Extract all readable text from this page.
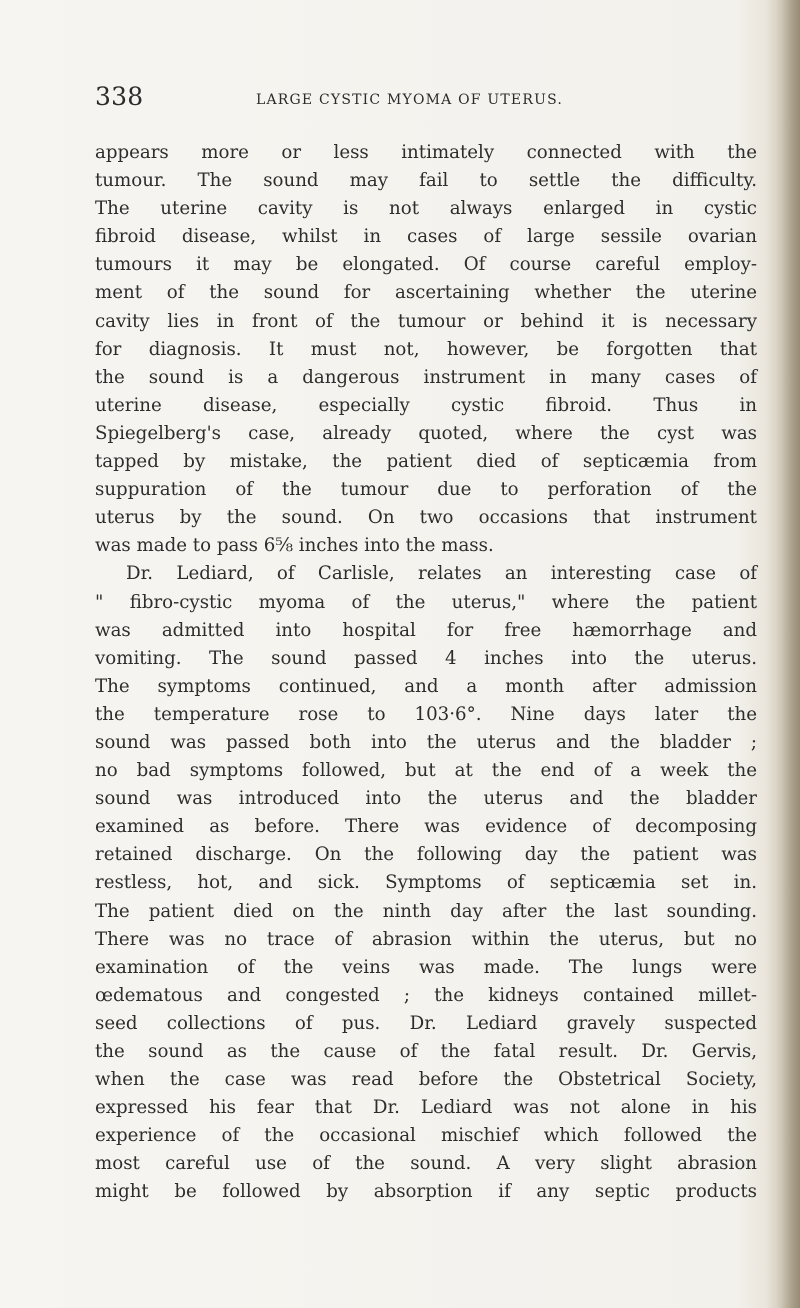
338	LARGE CYSTIC MYOMA OF UTERUS.
appears more or less intimately connected with the
tumour. The sound may fail to settle the difficulty.
The uterine cavity is not always enlarged in cystic
fibroid disease, whilst in cases of large sessile ovarian
tumours it may be elongated. Of course careful employ-
ment of the sound for ascertaining whether the uterine
cavity lies in front of the tumour or behind it is necessary
for diagnosis. It must not, however, be forgotten that
the sound is a dangerous instrument in many cases of
uterine disease, especially cystic fibroid. Thus in
Spiegelberg's case, already quoted, where the cyst was
tapped by mistake, the patient died of septicæmia from
suppuration of the tumour due to perforation of the
uterus by the sound. On two occasions that instrument
was made to pass 6⅝ inches into the mass.
Dr. Lediard, of Carlisle, relates an interesting case of
" fibro-cystic myoma of the uterus," where the patient
was admitted into hospital for free hæmorrhage and
vomiting. The sound passed 4 inches into the uterus.
The symptoms continued, and a month after admission
the temperature rose to 103·6°. Nine days later the
sound was passed both into the uterus and the bladder ;
no bad symptoms followed, but at the end of a week the
sound was introduced into the uterus and the bladder
examined as before. There was evidence of decomposing
retained discharge. On the following day the patient was
restless, hot, and sick. Symptoms of septicæmia set in.
The patient died on the ninth day after the last sounding.
There was no trace of abrasion within the uterus, but no
examination of the veins was made. The lungs were
œdematous and congested ; the kidneys contained millet-
seed collections of pus. Dr. Lediard gravely suspected
the sound as the cause of the fatal result. Dr. Gervis,
when the case was read before the Obstetrical Society,
expressed his fear that Dr. Lediard was not alone in his
experience of the occasional mischief which followed the
most careful use of the sound. A very slight abrasion
might be followed by absorption if any septic products
